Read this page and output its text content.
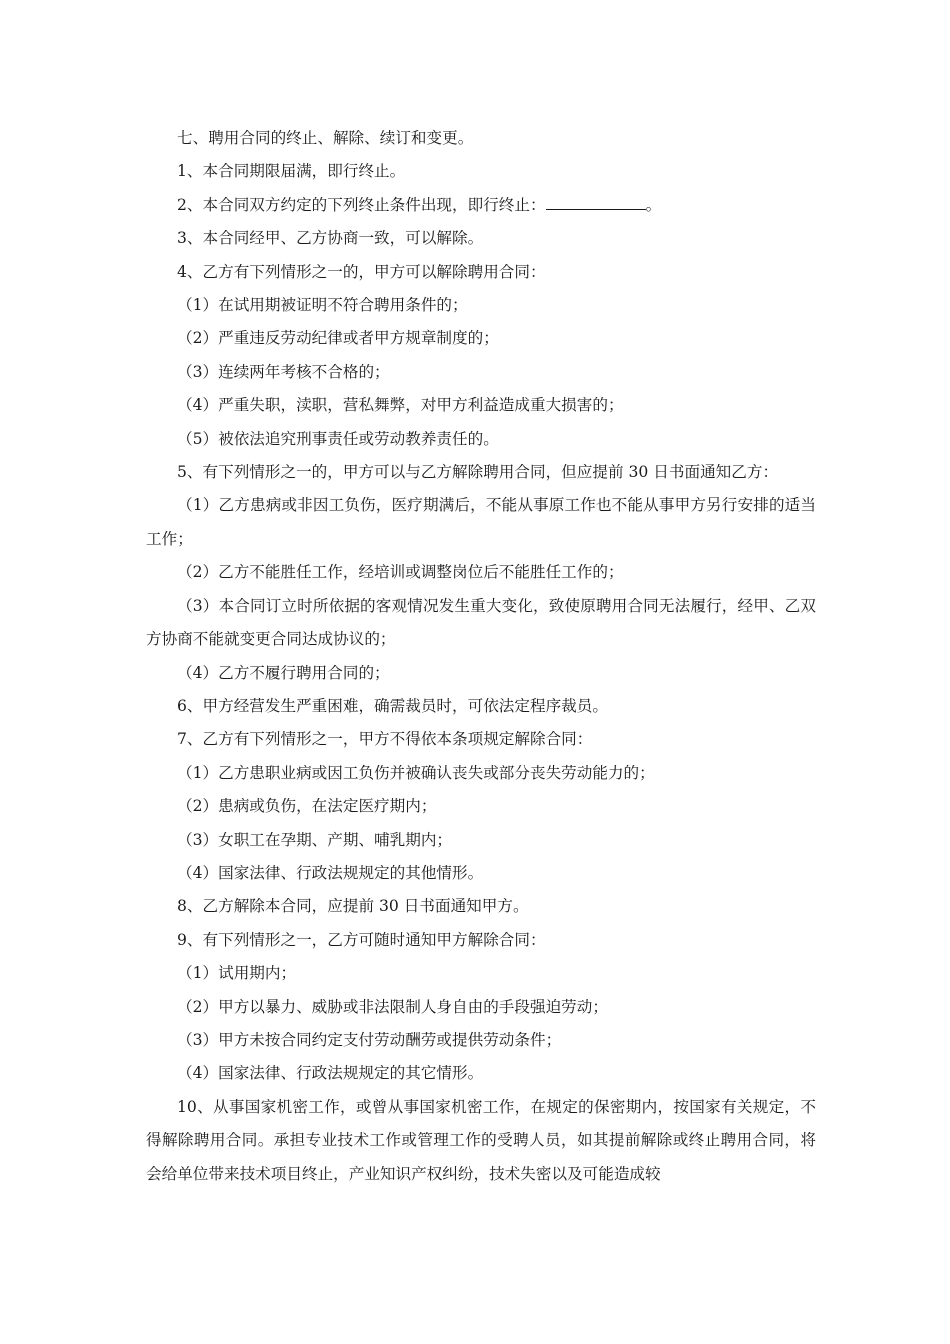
七、聘用合同的终止、解除、续订和变更。

1、本合同期限届满，即行终止。

2、本合同双方约定的下列终止条件出现，即行终止：	。

3、本合同经甲、乙方协商一致，可以解除。

4、乙方有下列情形之一的，甲方可以解除聘用合同：

（1）在试用期被证明不符合聘用条件的；

（2）严重违反劳动纪律或者甲方规章制度的；

（3）连续两年考核不合格的；

（4）严重失职，渎职，营私舞弊，对甲方利益造成重大损害的；

（5）被依法追究刑事责任或劳动教养责任的。

5、有下列情形之一的，甲方可以与乙方解除聘用合同，但应提前 30 日书面通知乙方：

（1）乙方患病或非因工负伤，医疗期满后，不能从事原工作也不能从事甲方另行安排的适当工作；

（2）乙方不能胜任工作，经培训或调整岗位后不能胜任工作的；

（3）本合同订立时所依据的客观情况发生重大变化，致使原聘用合同无法履行，经甲、乙双方协商不能就变更合同达成协议的；

（4）乙方不履行聘用合同的；

6、甲方经营发生严重困难，确需裁员时，可依法定程序裁员。

7、乙方有下列情形之一，甲方不得依本条项规定解除合同：

（1）乙方患职业病或因工负伤并被确认丧失或部分丧失劳动能力的；

（2）患病或负伤，在法定医疗期内；

（3）女职工在孕期、产期、哺乳期内；

（4）国家法律、行政法规规定的其他情形。

8、乙方解除本合同，应提前 30 日书面通知甲方。

9、有下列情形之一，乙方可随时通知甲方解除合同：

（1）试用期内；

（2）甲方以暴力、威胁或非法限制人身自由的手段强迫劳动；

（3）甲方未按合同约定支付劳动酬劳或提供劳动条件；

（4）国家法律、行政法规规定的其它情形。

10、从事国家机密工作，或曾从事国家机密工作，在规定的保密期内，按国家有关规定，不得解除聘用合同。承担专业技术工作或管理工作的受聘人员，如其提前解除或终止聘用合同，将会给单位带来技术项目终止，产业知识产权纠纷，技术失密以及可能造成较
